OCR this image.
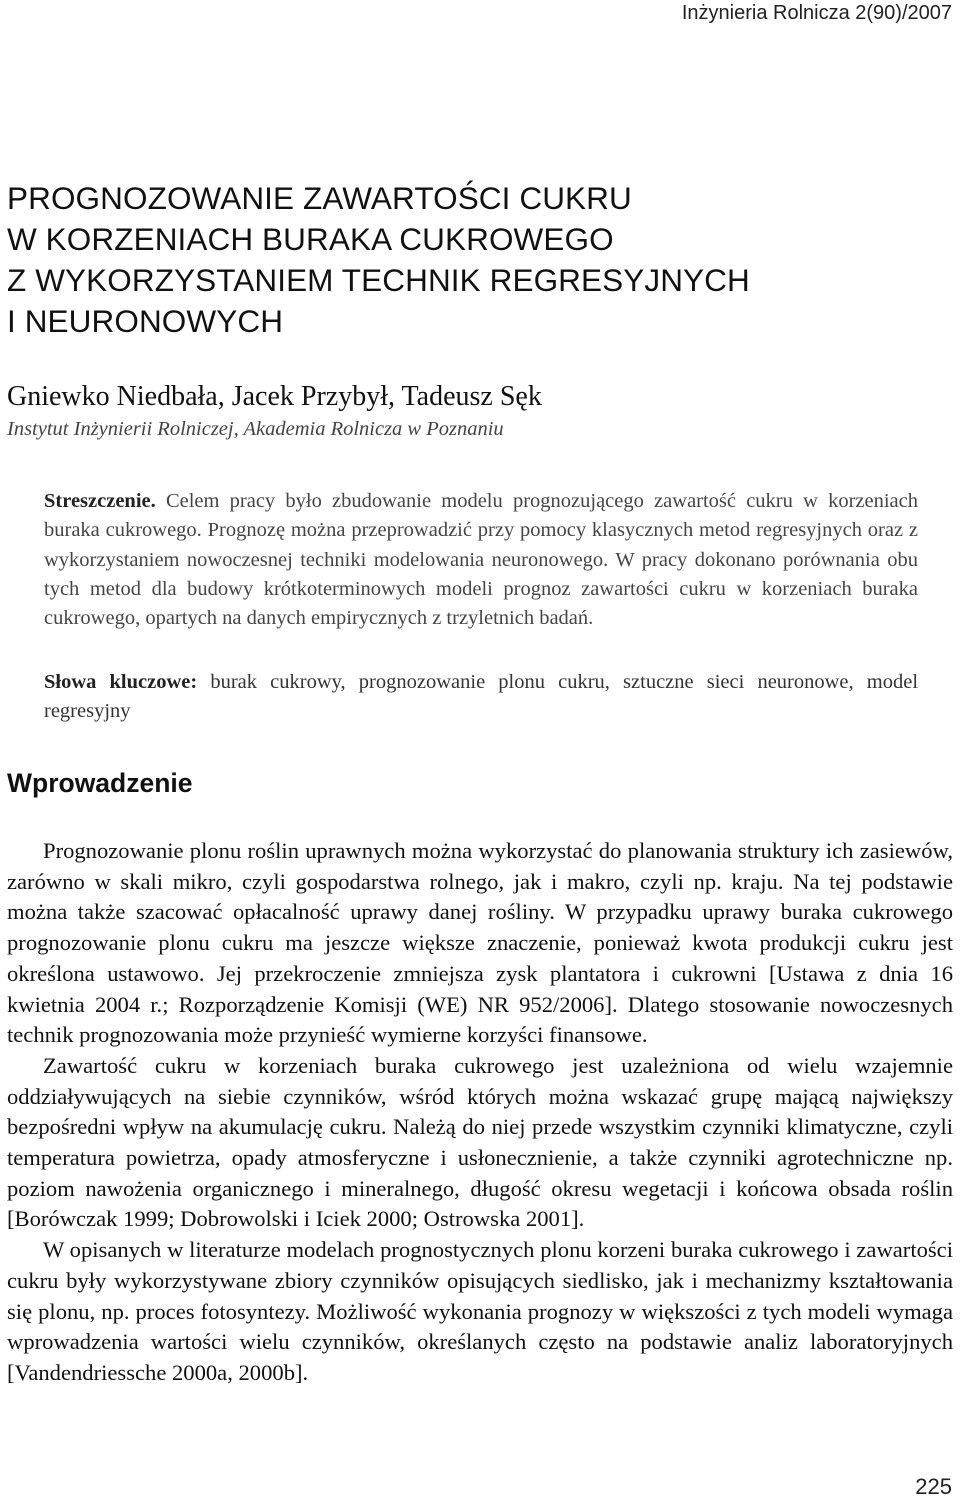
Inżynieria Rolnicza 2(90)/2007
PROGNOZOWANIE ZAWARTOŚCI CUKRU
W KORZENIACH BURAKA CUKROWEGO
Z WYKORZYSTANIEM TECHNIK REGRESYJNYCH
I NEURONOWYCH

Gniewko Niedbała, Jacek Przybył, Tadeusz Sęk

Instytut Inżynierii Rolniczej, Akademia Rolnicza w Poznaniu

Streszczenie. Celem pracy było zbudowanie modelu prognozującego zawartość cukru w korzeniach buraka cukrowego. Prognozę można przeprowadzić przy pomocy klasycznych metod regresyjnych oraz z wykorzystaniem nowoczesnej techniki modelowania neuronowego. W pracy dokonano porównania obu tych metod dla budowy krótkoterminowych modeli prognoz zawartości cukru w korzeniach buraka cukrowego, opartych na danych empirycznych z trzyletnich badań.

Słowa kluczowe: burak cukrowy, prognozowanie plonu cukru, sztuczne sieci neuronowe, model regresyjny

Wprowadzenie

Prognozowanie plonu roślin uprawnych można wykorzystać do planowania struktury ich zasiewów, zarówno w skali mikro, czyli gospodarstwa rolnego, jak i makro, czyli np. kraju. Na tej podstawie można także szacować opłacalność uprawy danej rośliny. W przypadku uprawy buraka cukrowego prognozowanie plonu cukru ma jeszcze większe znaczenie, ponieważ kwota produkcji cukru jest określona ustawowo. Jej przekroczenie zmniejsza zysk plantatora i cukrowni [Ustawa z dnia 16 kwietnia 2004 r.; Rozporządzenie Komisji (WE) NR 952/2006]. Dlatego stosowanie nowoczesnych technik prognozowania może przynieść wymierne korzyści finansowe.

Zawartość cukru w korzeniach buraka cukrowego jest uzależniona od wielu wzajemnie oddziaływujących na siebie czynników, wśród których można wskazać grupę mającą największy bezpośredni wpływ na akumulację cukru. Należą do niej przede wszystkim czynniki klimatyczne, czyli temperatura powietrza, opady atmosferyczne i usłonecznienie, a także czynniki agrotechniczne np. poziom nawożenia organicznego i mineralnego, długość okresu wegetacji i końcowa obsada roślin [Borówczak 1999; Dobrowolski i Iciek 2000; Ostrowska 2001].

W opisanych w literaturze modelach prognostycznych plonu korzeni buraka cukrowego i zawartości cukru były wykorzystywane zbiory czynników opisujących siedlisko, jak i mechanizmy kształtowania się plonu, np. proces fotosyntezy. Możliwość wykonania prognozy w większości z tych modeli wymaga wprowadzenia wartości wielu czynników, określanych często na podstawie analiz laboratoryjnych [Vandendriessche 2000a, 2000b].

225
